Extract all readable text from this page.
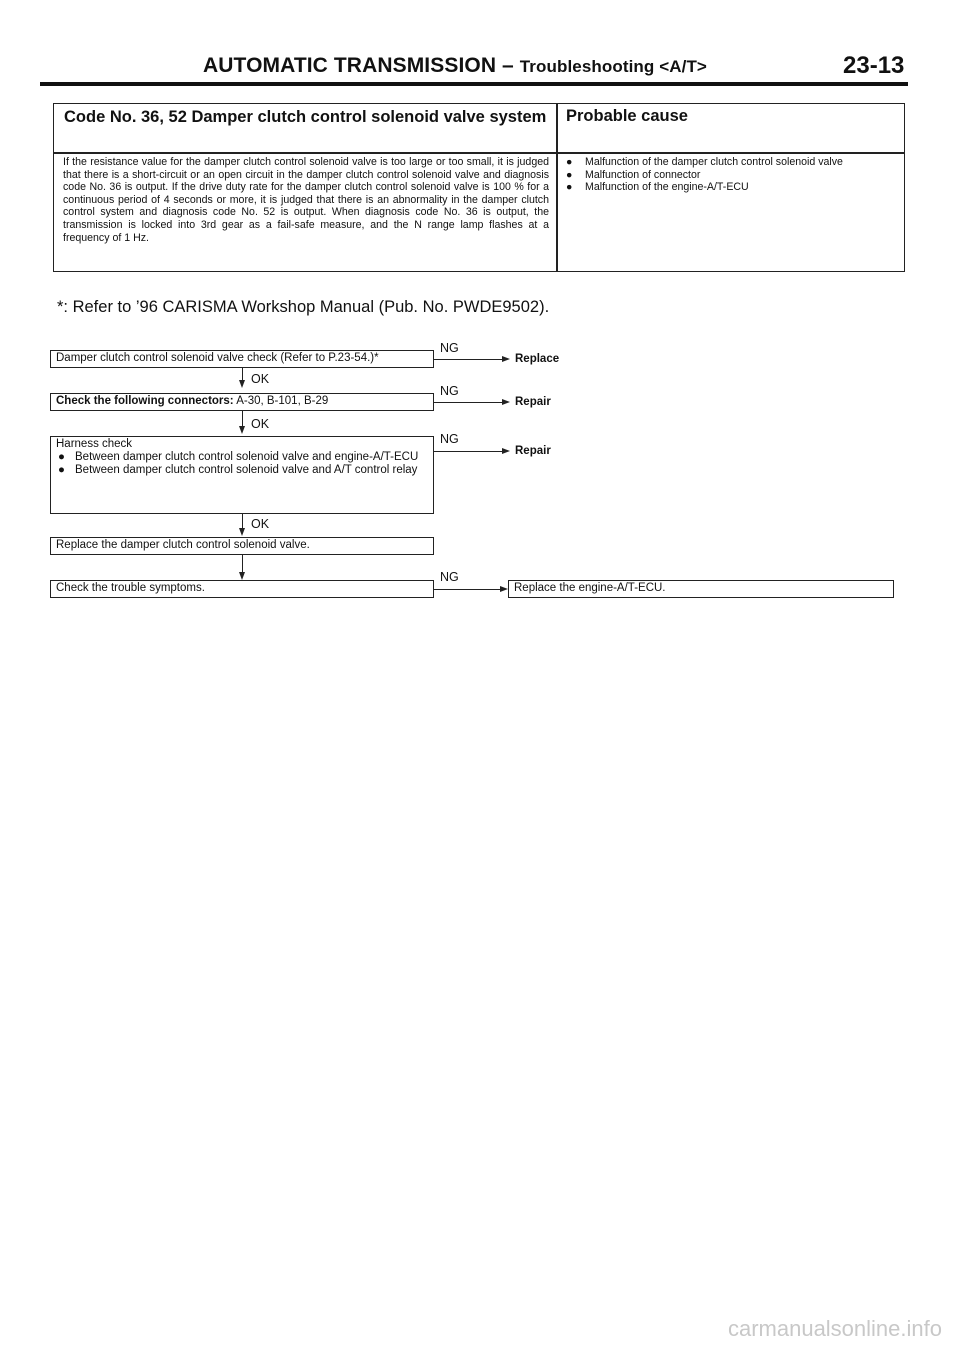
AUTOMATIC TRANSMISSION – Troubleshooting <A/T>	23-13
Code No. 36, 52 Damper clutch control solenoid valve system Probable cause
If the resistance value for the damper clutch control solenoid valve is too large or too small, it is judged that there is a short-circuit or an open circuit in the damper clutch control solenoid valve and diagnosis code No. 36 is output. If the drive duty rate for the damper clutch control solenoid valve is 100 % for a continuous period of 4 seconds or more, it is judged that there is an abnormality in the damper clutch control system and diagnosis code No. 52 is output. When diagnosis code No. 36 is output, the transmission is locked into 3rd gear as a fail-safe measure, and the N range lamp flashes at a frequency of 1 Hz.
● Malfunction of the damper clutch control solenoid valve
● Malfunction of connector
● Malfunction of the engine-A/T-ECU
*: Refer to ’96 CARISMA Workshop Manual (Pub. No. PWDE9502).
Damper clutch control solenoid valve check (Refer to P.23-54.)*
NG
Replace
OK
Check the following connectors: A-30, B-101, B-29
NG
Repair
OK
Harness check
● Between damper clutch control solenoid valve and engine-A/T-ECU
● Between damper clutch control solenoid valve and A/T control relay
NG
Repair
OK
Replace the damper clutch control solenoid valve.
Check the trouble symptoms.
NG
Replace the engine-A/T-ECU.
carmanualsonline.info
